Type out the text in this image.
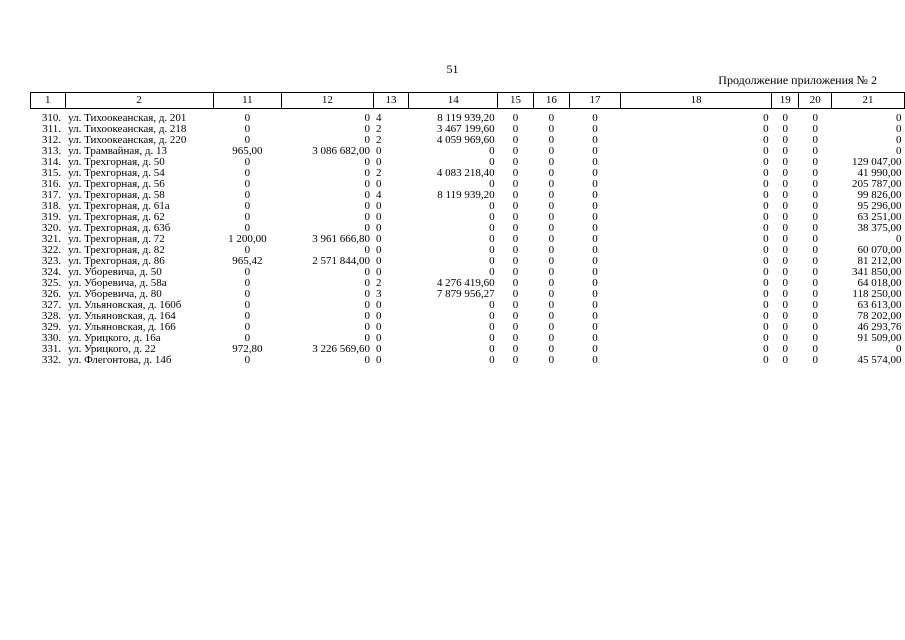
51
Продолжение приложения № 2
1	2	11	12	13	14	15	16	17	18	19	20	21
310.	ул. Тихоокеанская, д. 201	0	0	4	8 119 939,20	0	0	0	0	0	0	0
311.	ул. Тихоокеанская, д. 218	0	0	2	3 467 199,60	0	0	0	0	0	0	0
312.	ул. Тихоокеанская, д. 220	0	0	2	4 059 969,60	0	0	0	0	0	0	0
313.	ул. Трамвайная, д. 13	965,00	3 086 682,00	0	0	0	0	0	0	0	0	0
314.	ул. Трехгорная, д. 50	0	0	0	0	0	0	0	0	0	0	129 047,00
315.	ул. Трехгорная, д. 54	0	0	2	4 083 218,40	0	0	0	0	0	0	41 990,00
316.	ул. Трехгорная, д. 56	0	0	0	0	0	0	0	0	0	0	205 787,00
317.	ул. Трехгорная, д. 58	0	0	4	8 119 939,20	0	0	0	0	0	0	99 826,00
318.	ул. Трехгорная, д. 61а	0	0	0	0	0	0	0	0	0	0	95 296,00
319.	ул. Трехгорная, д. 62	0	0	0	0	0	0	0	0	0	0	63 251,00
320.	ул. Трехгорная, д. 63б	0	0	0	0	0	0	0	0	0	0	38 375,00
321.	ул. Трехгорная, д. 72	1 200,00	3 961 666,80	0	0	0	0	0	0	0	0	0
322.	ул. Трехгорная, д. 82	0	0	0	0	0	0	0	0	0	0	60 070,00
323.	ул. Трехгорная, д. 86	965,42	2 571 844,00	0	0	0	0	0	0	0	0	81 212,00
324.	ул. Уборевича, д. 50	0	0	0	0	0	0	0	0	0	0	341 850,00
325.	ул. Уборевича, д. 58а	0	0	2	4 276 419,60	0	0	0	0	0	0	64 018,00
326.	ул. Уборевича, д. 80	0	0	3	7 879 956,27	0	0	0	0	0	0	118 250,00
327.	ул. Ульяновская, д. 160б	0	0	0	0	0	0	0	0	0	0	63 613,00
328.	ул. Ульяновская, д. 164	0	0	0	0	0	0	0	0	0	0	78 202,00
329.	ул. Ульяновская, д. 166	0	0	0	0	0	0	0	0	0	0	46 293,76
330.	ул. Урицкого, д. 16а	0	0	0	0	0	0	0	0	0	0	91 509,00
331.	ул. Урицкого, д. 22	972,80	3 226 569,60	0	0	0	0	0	0	0	0	0
332.	ул. Флегонтова, д. 14б	0	0	0	0	0	0	0	0	0	0	45 574,00
